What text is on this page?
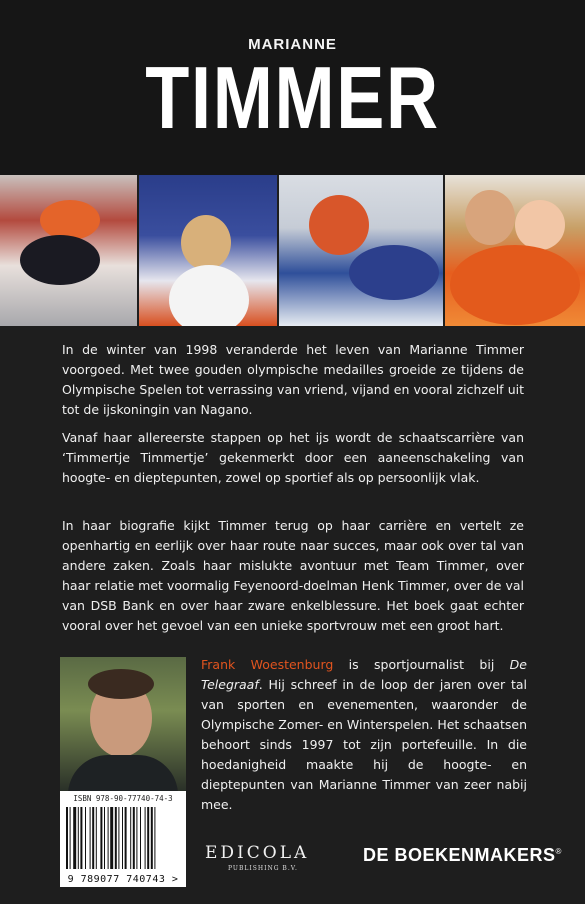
MARIANNE
TIMMER

In de winter van 1998 veranderde het leven van Marianne Timmer voorgoed. Met twee gouden olympische medailles groeide ze tijdens de Olympische Spelen tot verrassing van vriend, vijand en vooral zichzelf uit tot de ijskoningin van Nagano.

Vanaf haar allereerste stappen op het ijs wordt de schaatscarrière van ‘Timmertje Timmertje’ gekenmerkt door een aaneenschakeling van hoogte- en dieptepunten, zowel op sportief als op persoonlijk vlak.

In haar biografie kijkt Timmer terug op haar carrière en vertelt ze openhartig en eerlijk over haar route naar succes, maar ook over tal van andere zaken. Zoals haar mislukte avontuur met Team Timmer, over haar relatie met voormalig Feyenoord-doelman Henk Timmer, over de val van DSB Bank en over haar zware enkelblessure. Het boek gaat echter vooral over het gevoel van een unieke sportvrouw met een groot hart.

Frank Woestenburg is sportjournalist bij De Telegraaf. Hij schreef in de loop der jaren over tal van sporten en evenementen, waaronder de Olympische Zomer- en Winterspelen. Het schaatsen behoort sinds 1997 tot zijn portefeuille. In die hoedanigheid maakte hij de hoogte- en dieptepunten van Marianne Timmer van zeer nabij mee.

ISBN 978-90-77740-74-3
9 789077 740743 >
EDICOLA
PUBLISHING B.V.
DE BOEKENMAKERS®
